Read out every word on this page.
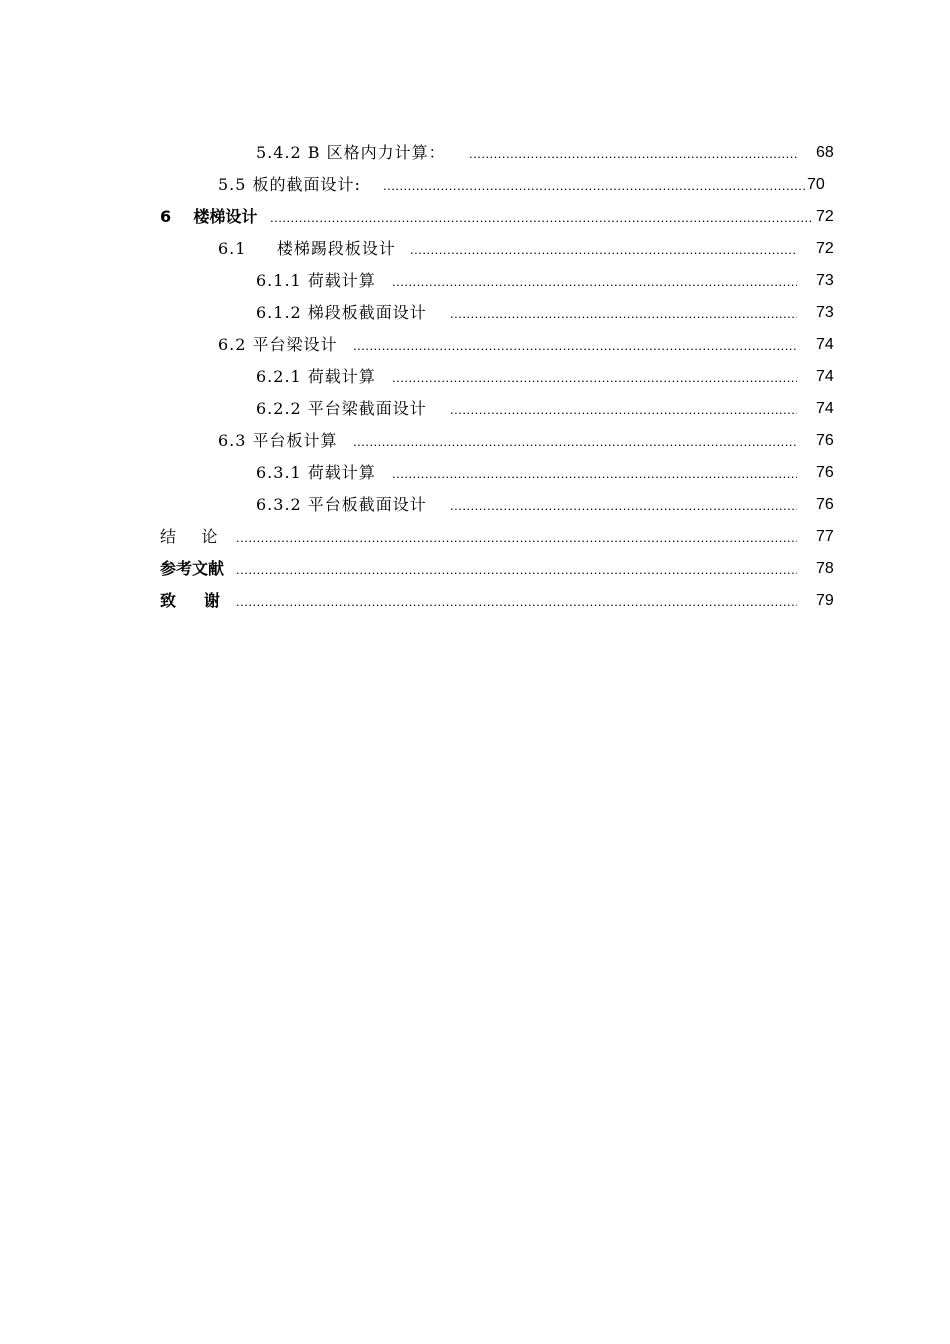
5.4.2 B 区格内力计算： .....	68
5.5 板的截面设计: .....	70
6    楼梯设计 .....	72
6.1     楼梯踢段板设计 .....	72
6.1.1 荷载计算 .....	73
6.1.2 梯段板截面设计 .....	73
6.2 平台梁设计 .....	74
6.2.1 荷载计算 .....	74
6.2.2 平台梁截面设计 .....	74
6.3 平台板计算 .....	76
6.3.1 荷载计算 .....	76
6.3.2 平台板截面设计 .....	76
结     论 .....	77
参考文献 .....	78
致     谢 .....	79
